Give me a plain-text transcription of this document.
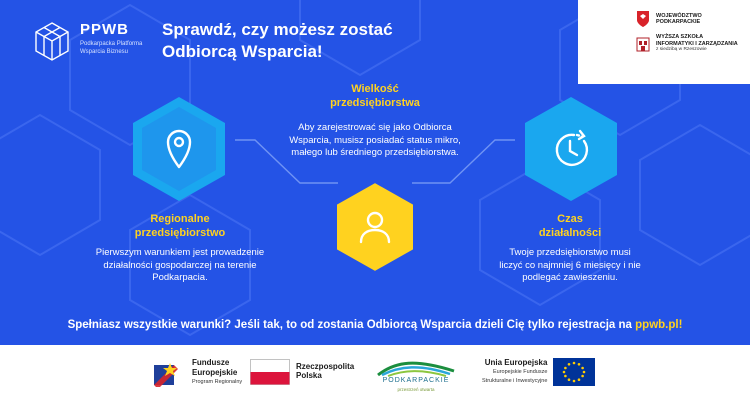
PPWB
Podkarpacka Platforma
Wsparcia Biznesu
Sprawdź, czy możesz zostać
Odbiorcą Wsparcia!
Wielkość
przedsiębiorstwa
Aby zarejestrować się jako Odbiorca
Wsparcia, musisz posiadać status mikro,
małego lub średniego przedsiębiorstwa.
Regionalne
przedsiębiorstwo
Pierwszym warunkiem jest prowadzenie
działalności gospodarczej na terenie
Podkarpacia.
Czas
działalności
Twoje przedsiębiorstwo musi
liczyć co najmniej 6 miesięcy i nie
podlegać zawieszeniu.
Spełniasz wszystkie warunki? Jeśli tak, to od zostania Odbiorcą Wsparcia dzieli Cię tylko rejestracja na ppwb.pl!
WOJEWÓDZTWO
PODKARPACKIE
WYŻSZA SZKOŁA
INFORMATYKI I ZARZĄDZANIA
z siedzibą w Rzeszowie
Fundusze
Europejskie
Program Regionalny
Rzeczpospolita
Polska
PODKARPACKIE
przestrzeń otwarta
Unia Europejska
Europejskie Fundusze
Strukturalne i Inwestycyjne
